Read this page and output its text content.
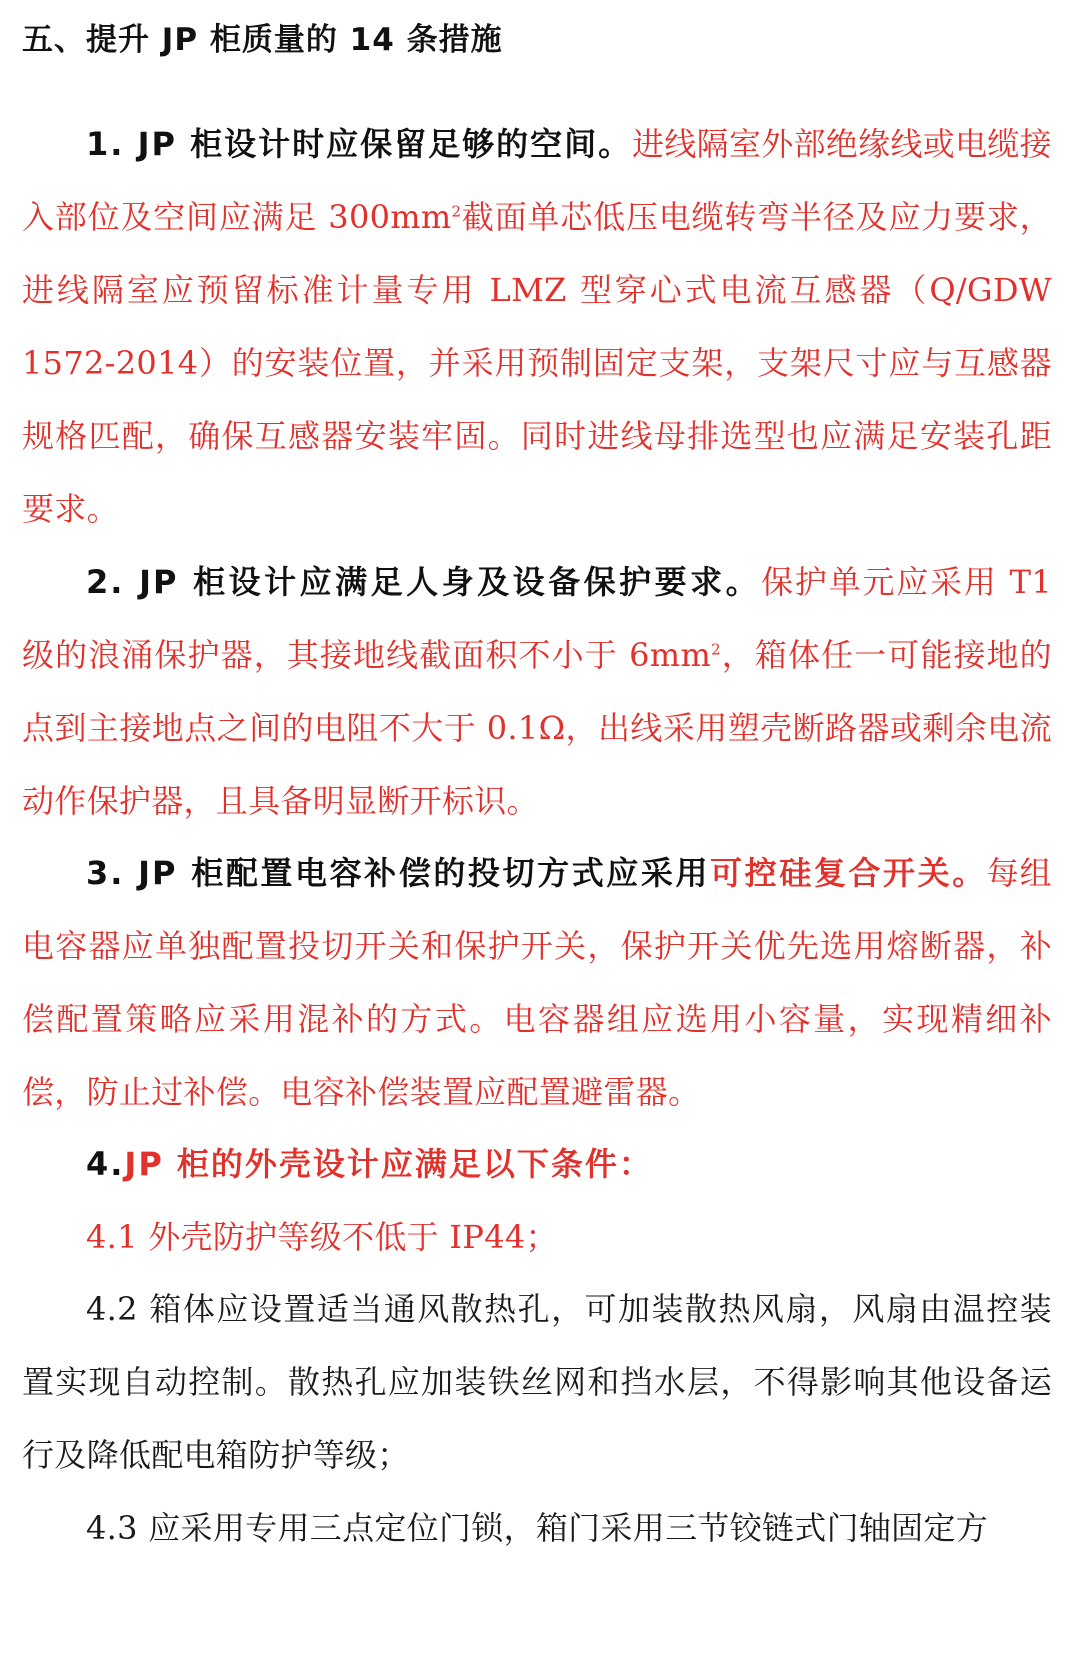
五、提升 JP 柜质量的 14 条措施
1. JP 柜设计时应保留足够的空间。进线隔室外部绝缘线或电缆接入部位及空间应满足 $300mm^2$截面单芯低压电缆转弯半径及应力要求，进线隔室应预留标准计量专用 LMZ 型穿心式电流互感器（Q/GDW 1572-2014）的安装位置，并采用预制固定支架，支架尺寸应与互感器规格匹配，确保互感器安装牢固。同时进线母排选型也应满足安装孔距要求。
2. JP 柜设计应满足人身及设备保护要求。保护单元应采用 T1 级的浪涌保护器，其接地线截面积不小于 $6mm^2$，箱体任一可能接地的点到主接地点之间的电阻不大于 0.1Ω，出线采用塑壳断路器或剩余电流动作保护器，且具备明显断开标识。
3. JP 柜配置电容补偿的投切方式应采用可控硅复合开关。每组电容器应单独配置投切开关和保护开关，保护开关优先选用熔断器，补偿配置策略应采用混补的方式。电容器组应选用小容量，实现精细补偿，防止过补偿。电容补偿装置应配置避雷器。
4.JP 柜的外壳设计应满足以下条件：
4.1 外壳防护等级不低于 IP44；
4.2 箱体应设置适当通风散热孔，可加装散热风扇，风扇由温控装置实现自动控制。散热孔应加装铁丝网和挡水层，不得影响其他设备运行及降低配电箱防护等级；
4.3 应采用专用三点定位门锁，箱门采用三节铰链式门轴固定方
